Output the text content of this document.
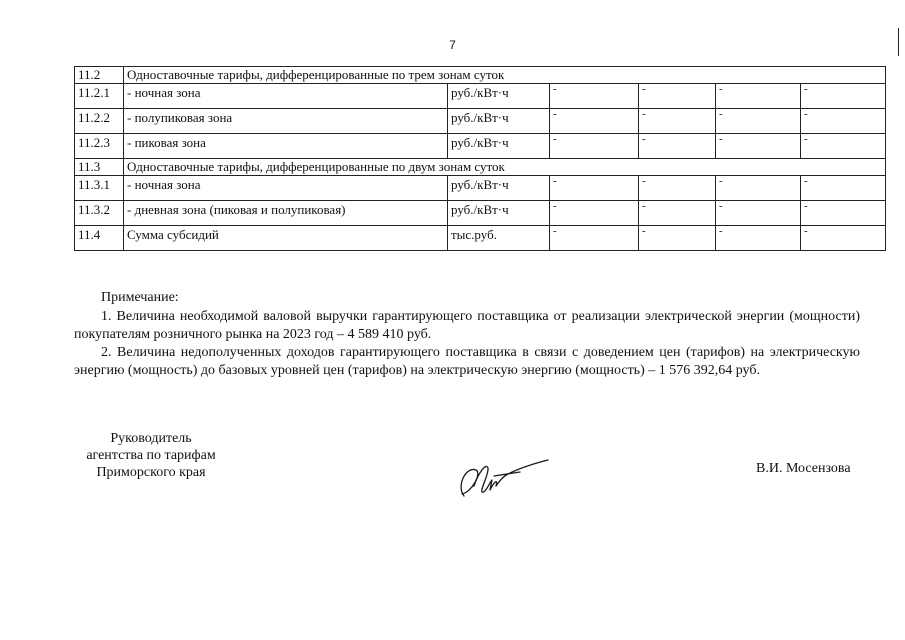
7
11.2	Одноставочные тарифы, дифференцированные по трем зонам суток					
11.2.1	- ночная зона	руб./кВт·ч	-	-	-	-
11.2.2	- полупиковая зона	руб./кВт·ч	-	-	-	-
11.2.3	- пиковая зона	руб./кВт·ч	-	-	-	-
11.3	Одноставочные тарифы, дифференцированные по двум зонам суток					
11.3.1	- ночная зона	руб./кВт·ч	-	-	-	-
11.3.2	- дневная зона (пиковая и полупиковая)	руб./кВт·ч	-	-	-	-
11.4	Сумма субсидий	тыс.руб.	-	-	-	-

Примечание:

1. Величина необходимой валовой выручки гарантирующего поставщика от реализации электрической энергии (мощности) покупателям розничного рынка на 2023 год – 4 589 410 руб.

2. Величина недополученных доходов гарантирующего поставщика в связи с доведением цен (тарифов) на электрическую энергию (мощность) до базовых уровней цен (тарифов) на электрическую энергию (мощность) – 1 576 392,64 руб.

Руководитель
агентства по тарифам
Приморского края	В.И. Мосензова
